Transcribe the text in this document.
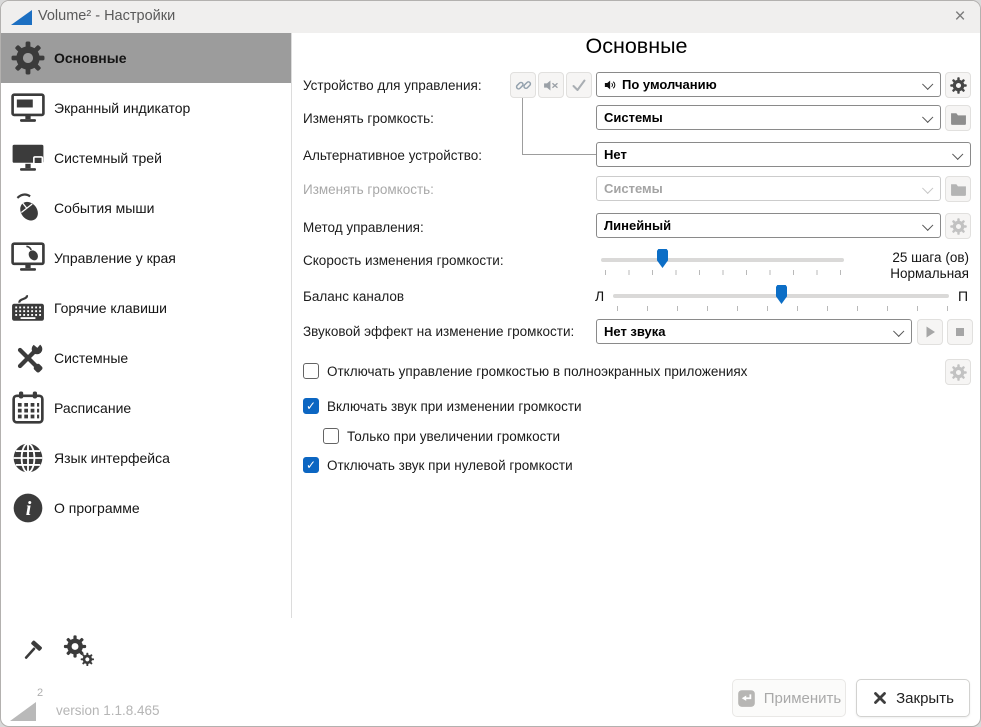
Volume² - Настройки	×
Основные
Экранный индикатор
Системный трей
События мыши
Управление у края
Горячие клавиши
Системные
Расписание
Язык интерфейса
О программе
2
version 1.1.8.465
Основные
Устройство для управления:	По умолчанию
Изменять громкость:	Системы
Альтернативное устройство:	Нет
Изменять громкость:	Системы
Метод управления:	Линейный
Скорость изменения громкости:	25 шага (ов)
Нормальная
Баланс каналов	Л	П
Звуковой эффект на изменение громкости: Нет звука
Отключать управление громкостью в полноэкранных приложениях
✓ Включать звук при изменении громкости
Только при увеличении громкости
✓ Отключать звук при нулевой громкости
Применить	Закрыть
